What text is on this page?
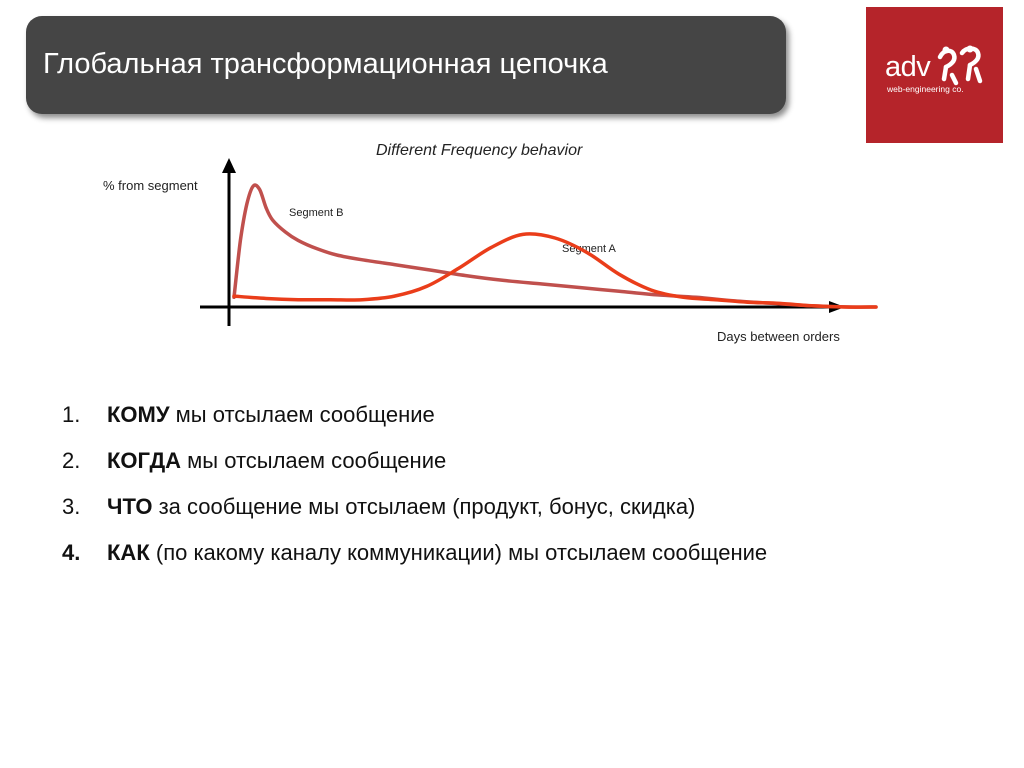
Глобальная трансформационная цепочка	adv
web-engineering co.
Different Frequency behavior
% from segment
Days between orders
Segment B
Segment A
1. КОМУ мы отсылаем сообщение
2. КОГДА мы отсылаем сообщение
3. ЧТО за сообщение мы отсылаем (продукт, бонус, скидка)
4. КАК (по какому каналу коммуникации) мы отсылаем сообщение
